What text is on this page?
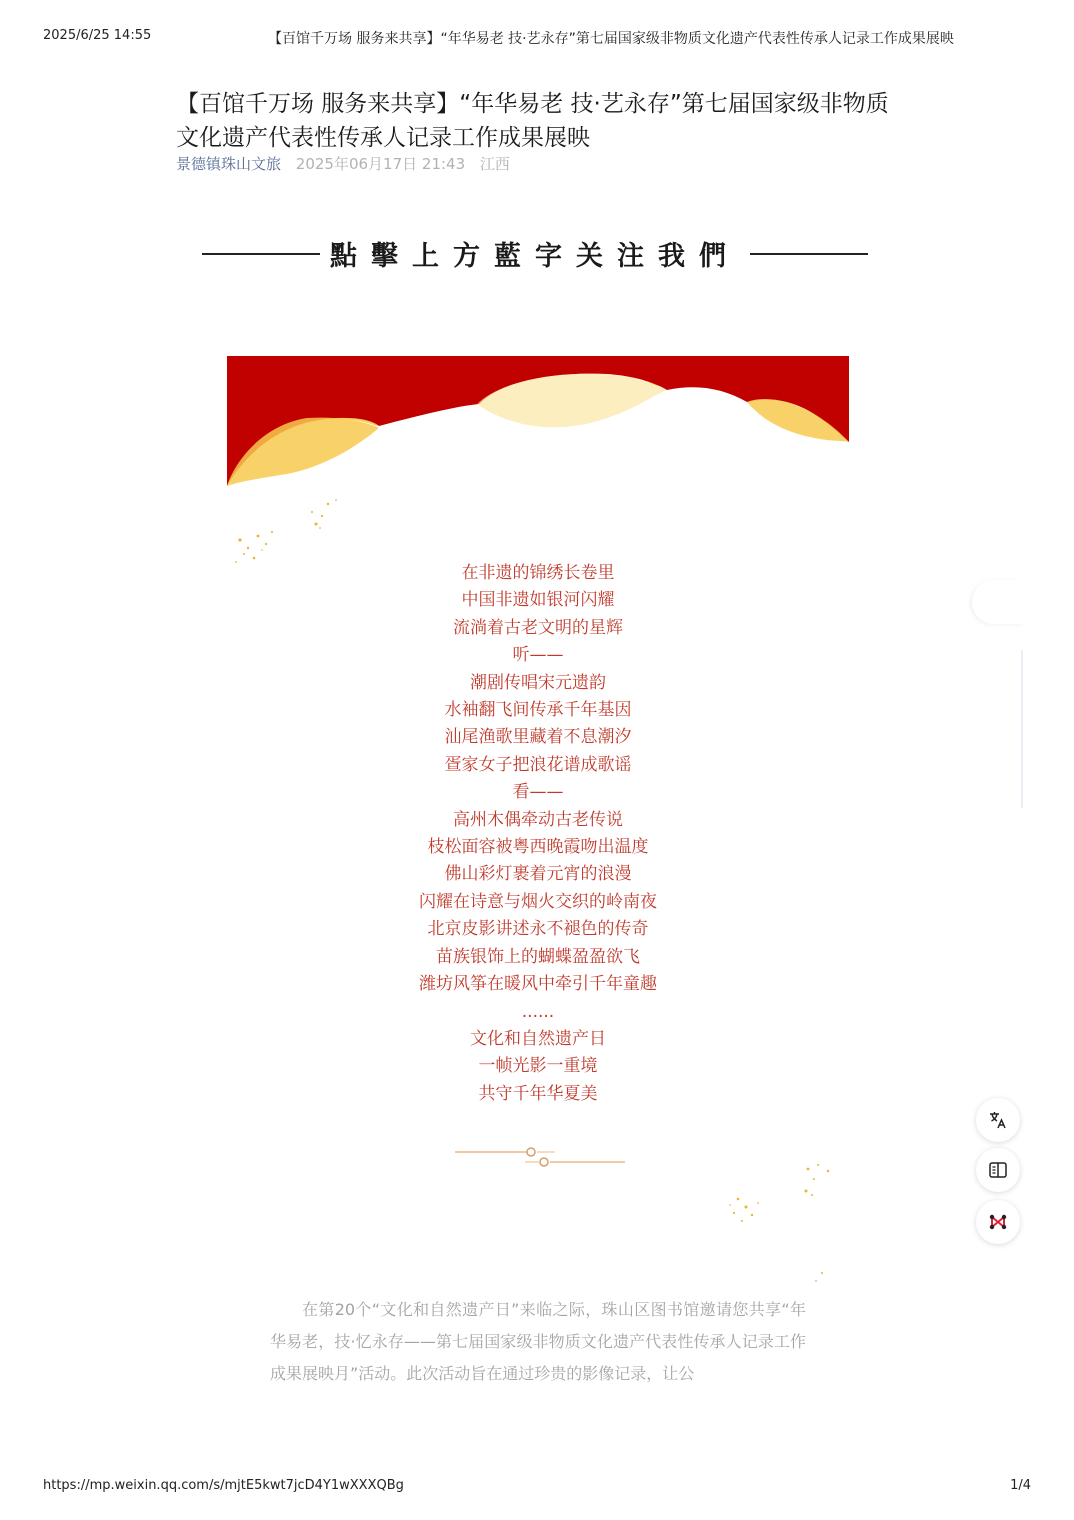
2025/6/25 14:55	【百馆千万场 服务来共享】“年华易老 技·艺永存”第七届国家级非物质文化遗产代表性传承人记录工作成果展映
【百馆千万场 服务来共享】“年华易老 技·艺永存”第七届国家级非物质文化遗产代表性传承人记录工作成果展映
景德镇珠山文旅 2025年06月17日 21:43 江西
點擊上方藍字关注我們
在非遗的锦绣长卷里
中国非遗如银河闪耀
流淌着古老文明的星辉
听——
潮剧传唱宋元遗韵
水袖翻飞间传承千年基因
汕尾渔歌里藏着不息潮汐
疍家女子把浪花谱成歌谣
看——
高州木偶牵动古老传说
枝松面容被粤西晚霞吻出温度
佛山彩灯裹着元宵的浪漫
闪耀在诗意与烟火交织的岭南夜
北京皮影讲述永不褪色的传奇
苗族银饰上的蝴蝶盈盈欲飞
潍坊风筝在暖风中牵引千年童趣
......
文化和自然遗产日
一帧光影一重境
共守千年华夏美

在第20个“文化和自然遗产日”来临之际，珠山区图书馆邀请您共享“年华易老，技·忆永存——第七届国家级非物质文化遗产代表性传承人记录工作成果展映月”活动。此次活动旨在通过珍贵的影像记录，让公

https://mp.weixin.qq.com/s/mjtE5kwt7jcD4Y1wXXXQBg	1/4
